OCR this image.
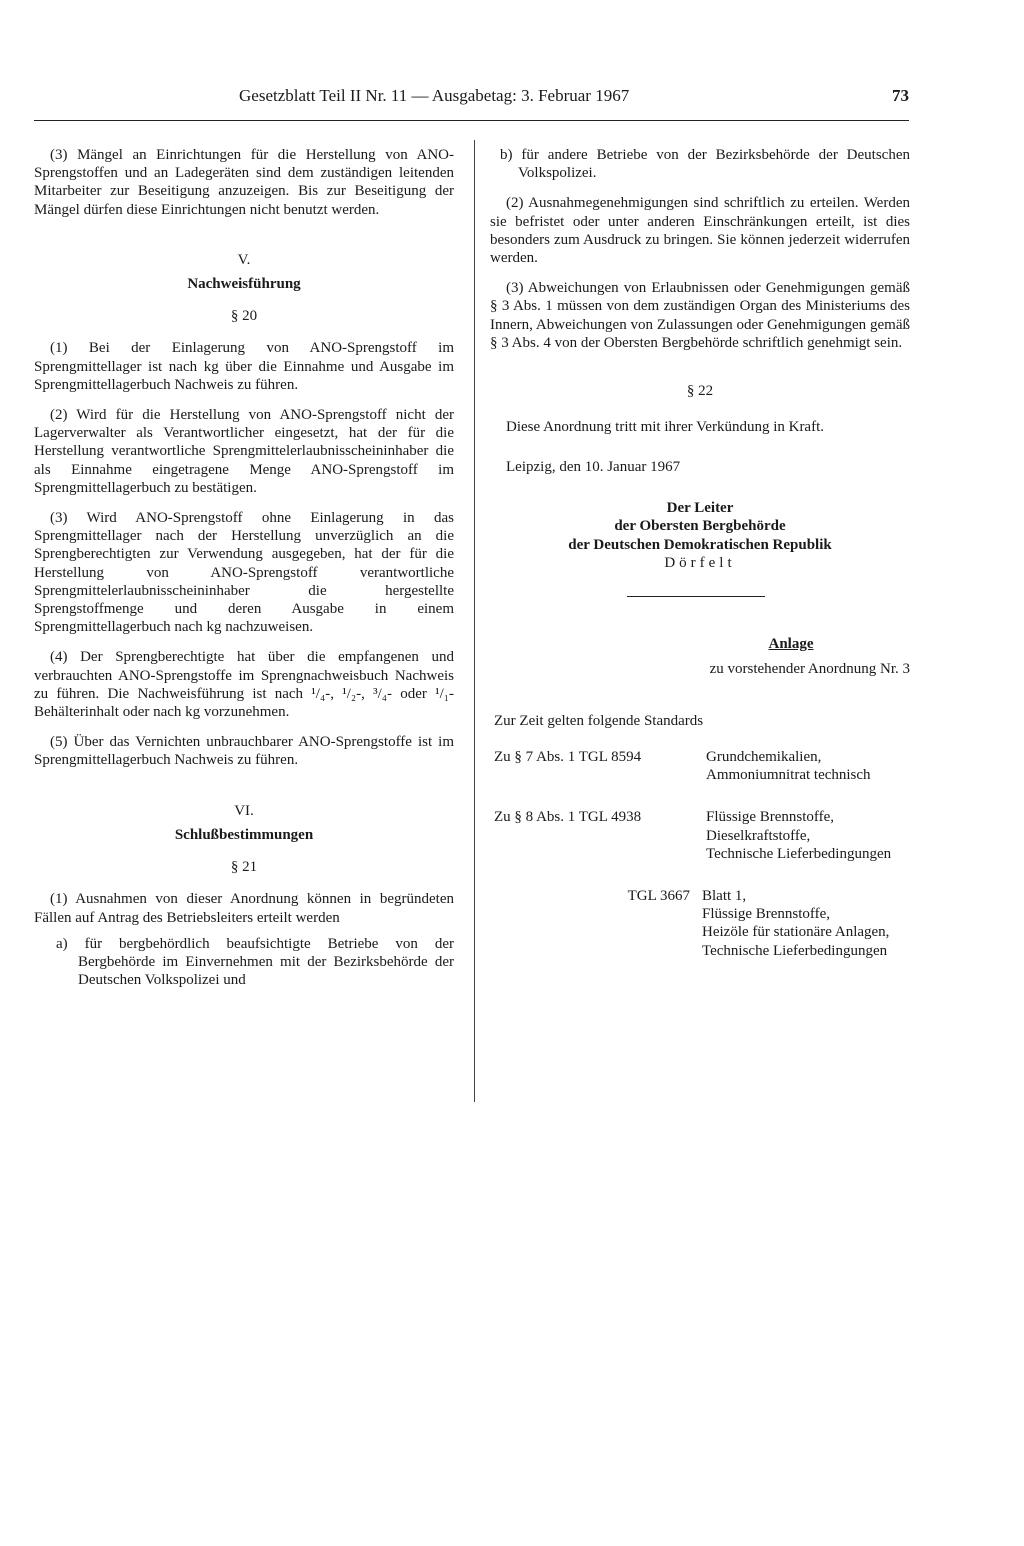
Gesetzblatt Teil II Nr. 11 — Ausgabetag: 3. Februar 1967	73

(3) Mängel an Einrichtungen für die Herstellung von ANO-Sprengstoffen und an Ladegeräten sind dem zuständigen leitenden Mitarbeiter zur Beseitigung anzuzeigen. Bis zur Beseitigung der Mängel dürfen diese Einrichtungen nicht benutzt werden.

V.

Nachweisführung

§ 20

(1) Bei der Einlagerung von ANO-Sprengstoff im Sprengmittellager ist nach kg über die Einnahme und Ausgabe im Sprengmittellagerbuch Nachweis zu führen.

(2) Wird für die Herstellung von ANO-Sprengstoff nicht der Lagerverwalter als Verantwortlicher eingesetzt, hat der für die Herstellung verantwortliche Sprengmittelerlaubnisscheininhaber die als Einnahme eingetragene Menge ANO-Sprengstoff im Sprengmittellagerbuch zu bestätigen.

(3) Wird ANO-Sprengstoff ohne Einlagerung in das Sprengmittellager nach der Herstellung unverzüglich an die Sprengberechtigten zur Verwendung ausgegeben, hat der für die Herstellung von ANO-Sprengstoff verantwortliche Sprengmittelerlaubnisscheininhaber die hergestellte Sprengstoffmenge und deren Ausgabe in einem Sprengmittellagerbuch nach kg nachzuweisen.

(4) Der Sprengberechtigte hat über die empfangenen und verbrauchten ANO-Sprengstoffe im Sprengnachweisbuch Nachweis zu führen. Die Nachweisführung ist nach ¹/₄-, ¹/₂-, ³/₄- oder ¹/₁-Behälterinhalt oder nach kg vorzunehmen.

(5) Über das Vernichten unbrauchbarer ANO-Sprengstoffe ist im Sprengmittellagerbuch Nachweis zu führen.

VI.

Schlußbestimmungen

§ 21

(1) Ausnahmen von dieser Anordnung können in begründeten Fällen auf Antrag des Betriebsleiters erteilt werden

a) für bergbehördlich beaufsichtigte Betriebe von der Bergbehörde im Einvernehmen mit der Bezirksbehörde der Deutschen Volkspolizei und

b) für andere Betriebe von der Bezirksbehörde der Deutschen Volkspolizei.

(2) Ausnahmegenehmigungen sind schriftlich zu erteilen. Werden sie befristet oder unter anderen Einschränkungen erteilt, ist dies besonders zum Ausdruck zu bringen. Sie können jederzeit widerrufen werden.

(3) Abweichungen von Erlaubnissen oder Genehmigungen gemäß § 3 Abs. 1 müssen von dem zuständigen Organ des Ministeriums des Innern, Abweichungen von Zulassungen oder Genehmigungen gemäß § 3 Abs. 4 von der Obersten Bergbehörde schriftlich genehmigt sein.

§ 22

Diese Anordnung tritt mit ihrer Verkündung in Kraft.

Leipzig, den 10. Januar 1967

Der Leiter

der Obersten Bergbehörde

der Deutschen Demokratischen Republik

Dörfelt

Anlage

zu vorstehender Anordnung Nr. 3

Zur Zeit gelten folgende Standards

Zu § 7 Abs. 1 TGL 8594	Grundchemikalien,
Ammoniumnitrat technisch
Zu § 8 Abs. 1 TGL 4938	Flüssige Brennstoffe,
Dieselkraftstoffe,
Technische Lieferbedingungen
TGL 3667 Blatt 1,
Flüssige Brennstoffe,
Heizöle für stationäre Anlagen,
Technische Lieferbedingungen
